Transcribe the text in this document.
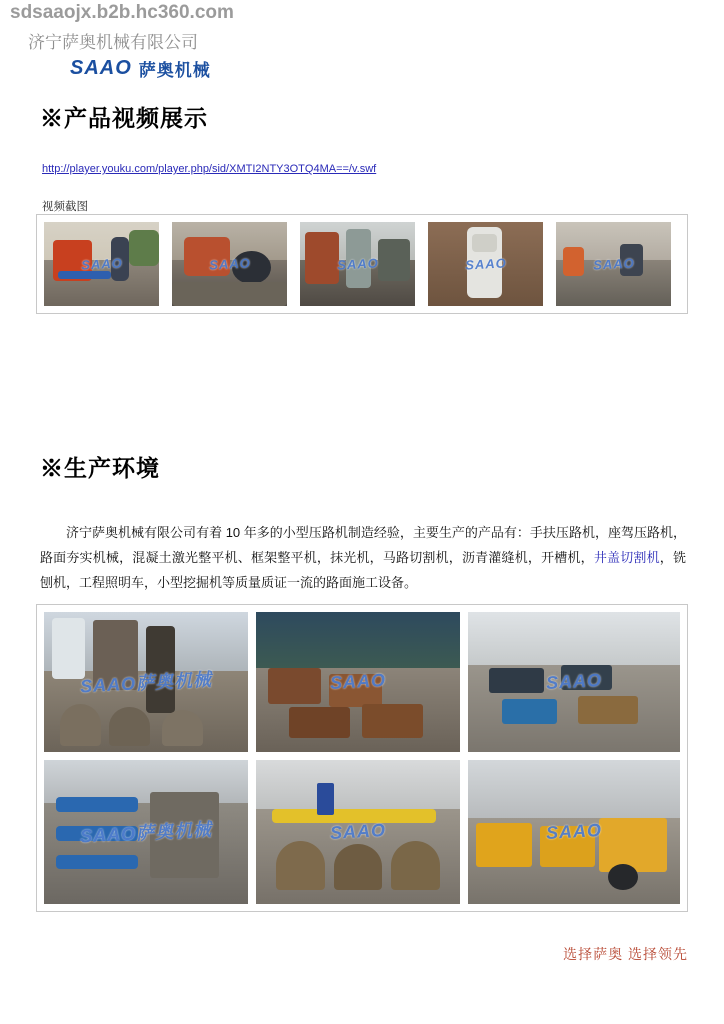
sdsaaojx.b2b.hc360.com
济宁萨奥机械有限公司
SAAO 萨奥机械
※产品视频展示
http://player.youku.com/player.php/sid/XMTI2NTY3OTQ4MA==/v.swf
视频截图
SAAO	SAAO	SAAO	SAAO	SAAO
※生产环境
济宁萨奥机械有限公司有着 10 年多的小型压路机制造经验，主要生产的产品有：手扶压路机，座驾压路机，路面夯实机械，混凝土激光整平机、框架整平机，抹光机，马路切割机，沥青灌缝机，开槽机，井盖切割机，铣刨机，工程照明车，小型挖掘机等质量质证一流的路面施工设备。
SAAO萨奥机械	SAAO	SAAO
SAAO萨奥机械	SAAO	SAAO
选择萨奥 选择领先
